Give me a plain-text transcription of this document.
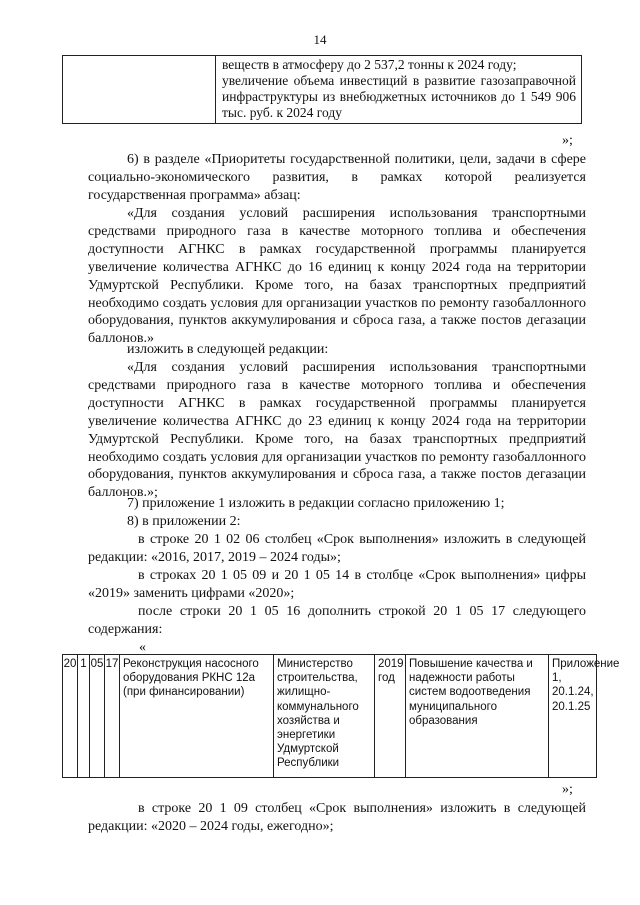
14

веществ в атмосферу до 2 537,2 тонны к 2024 году;
увеличение объема инвестиций в развитие газозаправочной инфраструктуры из внебюджетных источников до 1 549 906 тыс. руб. к 2024 году
»;
6) в разделе «Приоритеты государственной политики, цели, задачи в сфере социально-экономического развития, в рамках которой реализуется государственная программа» абзац:
«Для создания условий расширения использования транспортными средствами природного газа в качестве моторного топлива и обеспечения доступности АГНКС в рамках государственной программы планируется увеличение количества АГНКС до 16 единиц к концу 2024 года на территории Удмуртской Республики. Кроме того, на базах транспортных предприятий необходимо создать условия для организации участков по ремонту газобаллонного оборудования, пунктов аккумулирования и сброса газа, а также постов дегазации баллонов.»
изложить в следующей редакции:
«Для создания условий расширения использования транспортными средствами природного газа в качестве моторного топлива и обеспечения доступности АГНКС в рамках государственной программы планируется увеличение количества АГНКС до 23 единиц к концу 2024 года на территории Удмуртской Республики. Кроме того, на базах транспортных предприятий необходимо создать условия для организации участков по ремонту газобаллонного оборудования, пунктов аккумулирования и сброса газа, а также постов дегазации баллонов.»;
7) приложение 1 изложить в редакции согласно приложению 1;
8) в приложении 2:
в строке 20 1 02 06 столбец «Срок выполнения» изложить в следующей редакции: «2016, 2017, 2019 – 2024 годы»;
в строках 20 1 05 09 и 20 1 05 14 в столбце «Срок выполнения» цифры «2019» заменить цифрами «2020»;
после строки 20 1 05 16 дополнить строкой 20 1 05 17 следующего содержания:
«
20	1	05	17	Реконструкция насосного оборудования РКНС 12а (при финансировании)	Министерство строительства, жилищно-коммунального хозяйства и энергетики Удмуртской Республики	2019 год	Повышение качества и надежности работы систем водоотведения муниципального образования	Приложение 1, 20.1.24, 20.1.25
»;
в строке 20 1 09 столбец «Срок выполнения» изложить в следующей редакции: «2020 – 2024 годы, ежегодно»;
